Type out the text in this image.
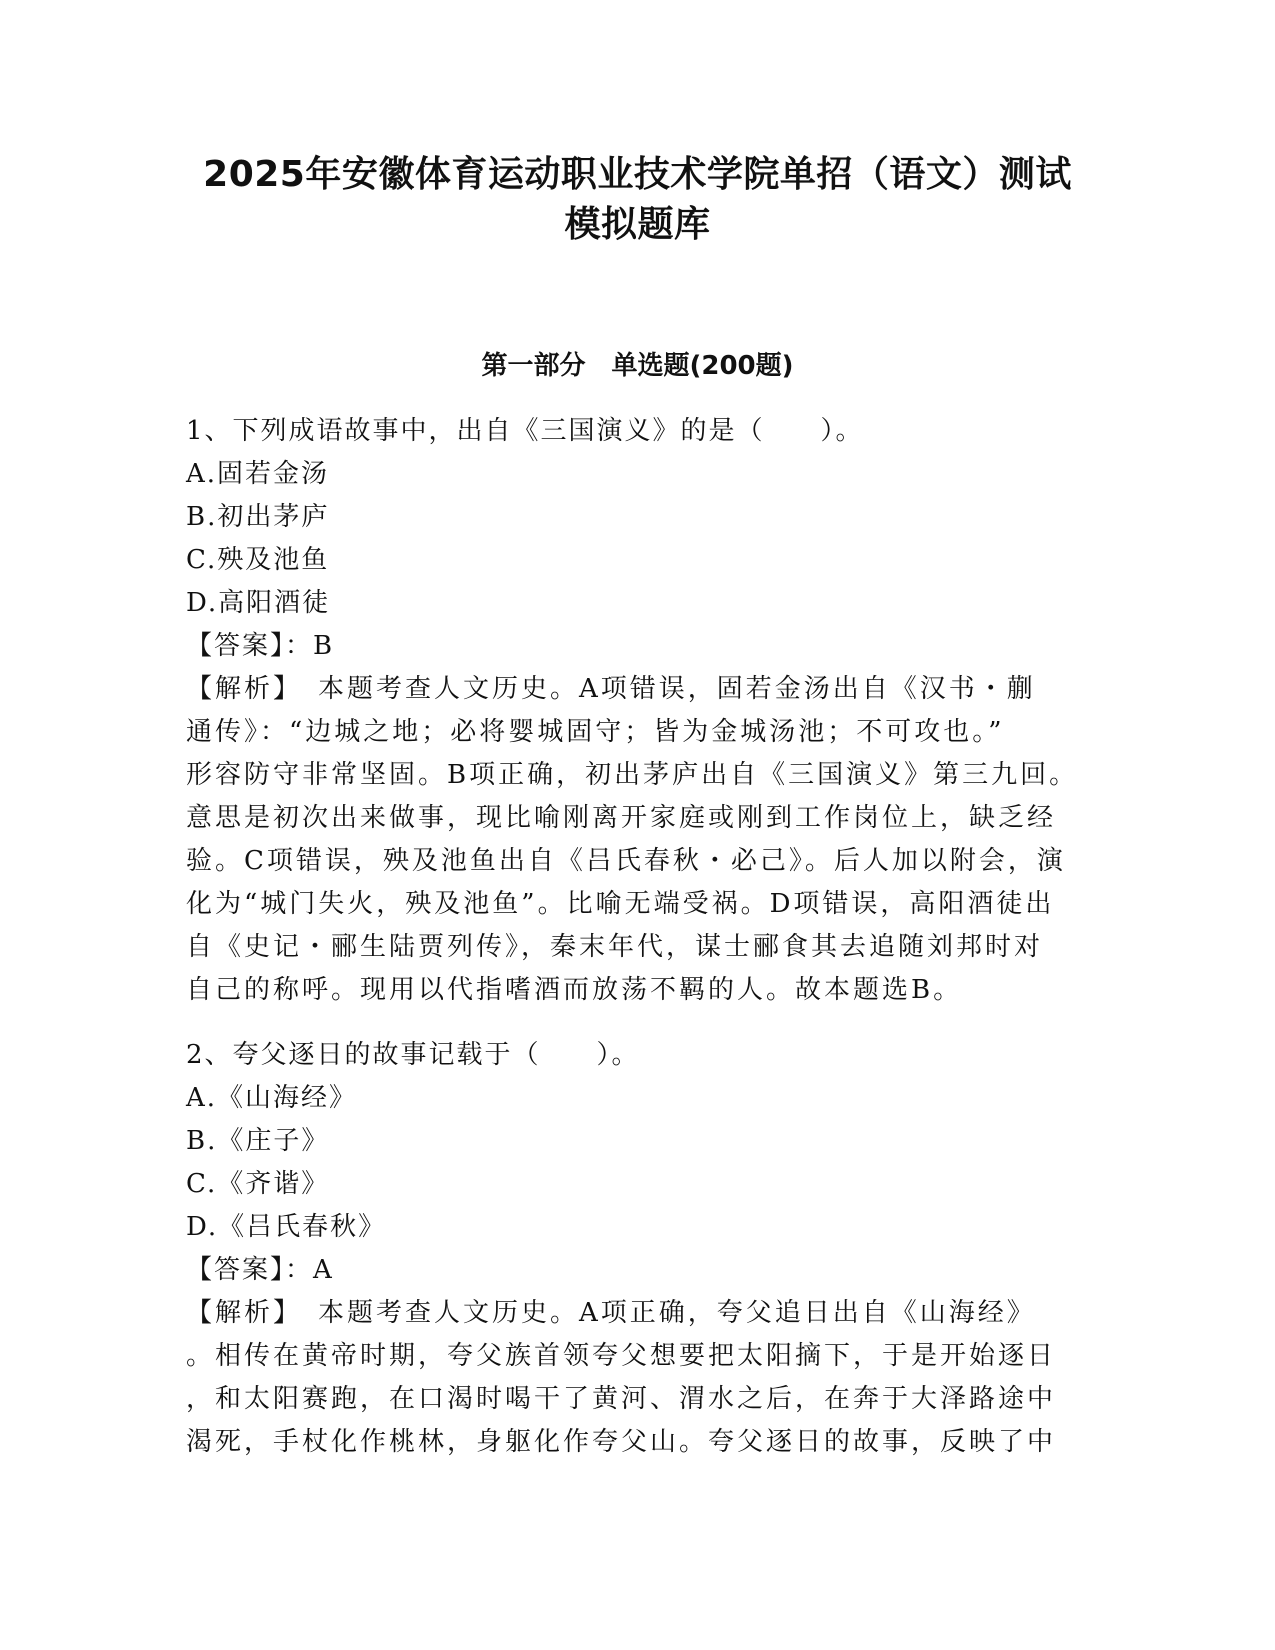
2025年安徽体育运动职业技术学院单招（语文）测试
模拟题库
第一部分　单选题(200题)
1、下列成语故事中，出自《三国演义》的是（　　）。
A.固若金汤
B.初出茅庐
C.殃及池鱼
D.高阳酒徒
【答案】：B
【解析】　本题考查人文历史。A项错误，固若金汤出自《汉书・蒯
通传》：“边城之地；必将婴城固守；皆为金城汤池；不可攻也。”
形容防守非常坚固。B项正确，初出茅庐出自《三国演义》第三九回。
意思是初次出来做事，现比喻刚离开家庭或刚到工作岗位上，缺乏经
验。C项错误，殃及池鱼出自《吕氏春秋・必己》。后人加以附会，演
化为“城门失火，殃及池鱼”。比喻无端受祸。D项错误，高阳酒徒出
自《史记・郦生陆贾列传》，秦末年代，谋士郦食其去追随刘邦时对
自己的称呼。现用以代指嗜酒而放荡不羁的人。故本题选B。
2、夸父逐日的故事记载于（　　）。
A.《山海经》
B.《庄子》
C.《齐谐》
D.《吕氏春秋》
【答案】：A
【解析】　本题考查人文历史。A项正确，夸父追日出自《山海经》
。相传在黄帝时期，夸父族首领夸父想要把太阳摘下，于是开始逐日
，和太阳赛跑，在口渴时喝干了黄河、渭水之后，在奔于大泽路途中
渴死，手杖化作桃林，身躯化作夸父山。夸父逐日的故事，反映了中
